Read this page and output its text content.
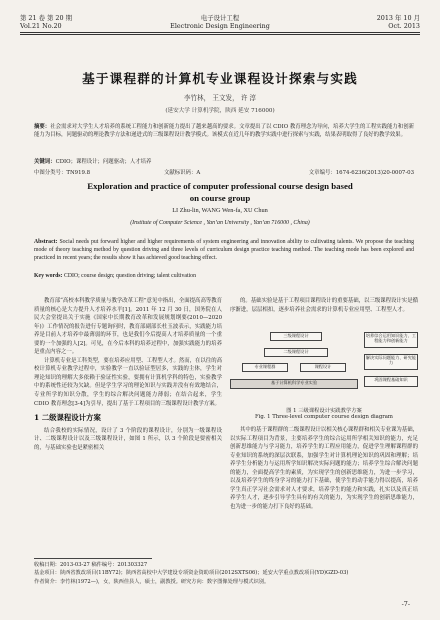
第 21 卷 第 20 期
Vol.21 No.20
电子设计工程
Electronic Design Engineering
2013 年 10 月
Oct. 2013
基于课程群的计算机专业课程设计探索与实践
李竹林， 王文发， 许 淳
(延安大学 计算机学院，陕西 延安 716000)
摘要：社会需求对大学生人才培养的系统工程能力和创新能力提出了越来越高的要求。文章提出了以 CDIO 教育理念为导向，培养大学生的工程实践能力和创新能力为目标，问题驱动的理论教学方法和递进式的三级课程设计教学模式。该模式在近几年的教学实践中进行探索与实践，结果表明取得了良好的教学效果。
关键词：CDIO；课程设计；问题驱动；人才培养
中图分类号：TN919.8	文献标识码：A	文章编号：1674-6236(2013)20-0007-03
Exploration and practice of computer professional course design based
on course group
LI Zhu-lin, WANG Wen-fa, XU Chun
(Institute of Computer Science , Yan’an University , Yan’an 716000 , China)
Abstract: Social needs put forward higher and higher requirements of system engineering and innovation ability to cultivating talents. We propose the teaching mode of theory teaching method by question driving and three levels of curriculum design practice teaching method. The teaching mode has been explored and practiced in recent years; the results show it has achieved good teaching effect.
Key words: CDIO; course design; question driving; talent cultivation

教育部“高校本科教学质量与教学改革工程”意见中指出，全面提高高等教育质量的核心是大力提升人才培养水平[1]。2011 年 12 月 30 日，国务院在人民大会堂提出关于实施《国家中长期教育改革和发展规划纲要(2010—2020 年)》工作情况的报告进行专题询问时，教育部副部长杜玉波表示，实践能力培养是目前人才培养中最薄弱的环节，也是我们今后提高人才培养质量的一个重要的一个加强的人[2]。可见，在今后本科的培养过程中，加强实践能力的培养是重点内容之一。

计算机专业是工科类型，要在培养应用型、工程型人才。然而，在以往的高校计算机专业教学过程中，实验教学一直以验证型居多，实践的主体，学生对理论知识的理解大多依赖于验证性实验，要拥有计算机学科的特色，实验教学中的系统性还较为欠缺。但是学生学习的理论知识与实践并没有有效地结合，专业所学的知识分散，学生的综合解决问题能力薄弱；在结合起来，学生 CDIO 教育理念[3-4]为引导，提出了基于工程项目的三级课程设计教学方案。

1 二级课程设计方案

结合我校的实际情况，设计了 3 个阶段的课程设计，分别为一级课程设计、二级课程设计以及三级课程设计，如图 1 所示，以 3 个阶段是要密相关的，与基础实验也是紧密相关

的。基础实验是基于工程项目课程设计的重要基础，以三级课程设计实是循序渐进，层层相扣，逐步培养社会需求的计算机专业应用型、工程型人才。

三级课程设计
二级课程设计
专业课程群	课程设计
基于计算机科学专业实验
培养综合运用知识能力、工程能力和创新能力
解决实际问题能力、研究能力
巩固课程基础知识
图 1 三级课程设计实践教学方案
Fig. 1 Three-level computer course design diagram

其中的基于课程群的二级课程设计以相关核心课程群和相关专业课为基础，以实际工程项目为背景，主要培养学生的综合运用所学相关知识的能力，充足创新思维能力与学习能力，培养学生的工程应用能力，促进学生理解课程群的专业知识的系统的深层次联系，加强学生对计算机理论知识的巩固和理解；培养学生分析能力与运用所学知识解决实际问题的能力；培养学生综合解决问题的能力，全面提高学生的素质，为实现学生的创新思维能力，为进一步学习，以及培养学生的终身学习的能力打下基础，使学生的动手能力得以提高，培养学生真正学习社会需求对人才要求，培养学生的能力和实践，扎实以及真正培养学生人才，逐步引导学生具有的有关的能力，为实现学生的创新思维能力，也为进一步的能力打下良好的基础。

收稿日期：2013-03-27 稿件编号：201303327
基金项目：陕西省教改项目(11BY72)；陕西省高校中大学建设专项资金资助项目(2012SXTS06)；延安大学重点教改项目(YD)GZD-03)
作者简介：李竹林(1972—)，女，陕西佳县人，硕士，副教授。研究方向：数字图像处理与模式识别。
-7-
